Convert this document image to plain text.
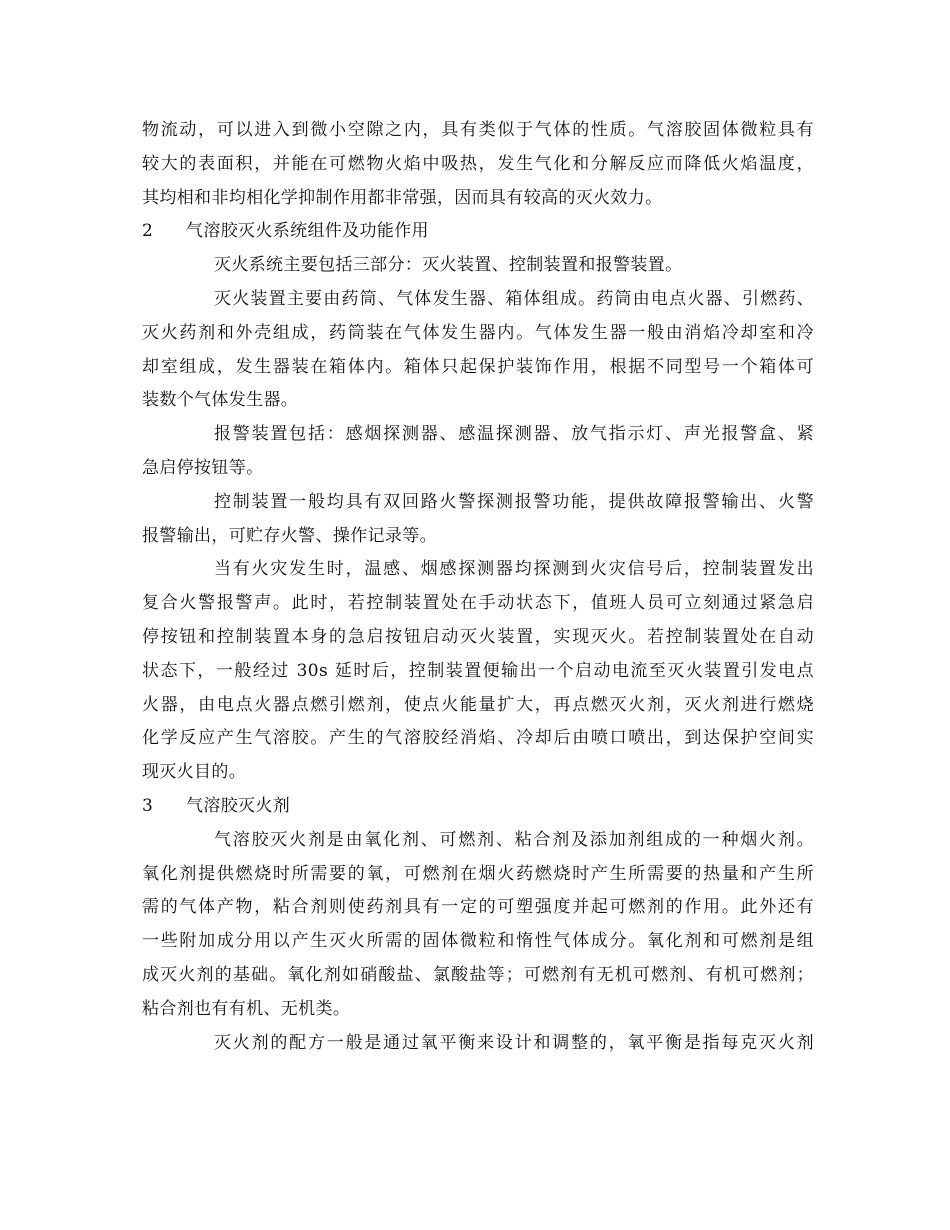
物流动，可以进入到微小空隙之内，具有类似于气体的性质。气溶胶固体微粒具有
较大的表面积，并能在可燃物火焰中吸热，发生气化和分解反应而降低火焰温度，
其均相和非均相化学抑制作用都非常强，因而具有较高的灭火效力。
2	气溶胶灭火系统组件及功能作用
灭火系统主要包括三部分：灭火装置、控制装置和报警装置。
灭火装置主要由药筒、气体发生器、箱体组成。药筒由电点火器、引燃药、
灭火药剂和外壳组成，药筒装在气体发生器内。气体发生器一般由消焰冷却室和冷
却室组成，发生器装在箱体内。箱体只起保护装饰作用，根据不同型号一个箱体可
装数个气体发生器。
报警装置包括：感烟探测器、感温探测器、放气指示灯、声光报警盒、紧
急启停按钮等。
控制装置一般均具有双回路火警探测报警功能，提供故障报警输出、火警
报警输出，可贮存火警、操作记录等。
当有火灾发生时，温感、烟感探测器均探测到火灾信号后，控制装置发出
复合火警报警声。此时，若控制装置处在手动状态下，值班人员可立刻通过紧急启
停按钮和控制装置本身的急启按钮启动灭火装置，实现灭火。若控制装置处在自动
状态下，一般经过 30s 延时后，控制装置便输出一个启动电流至灭火装置引发电点
火器，由电点火器点燃引燃剂，使点火能量扩大，再点燃灭火剂，灭火剂进行燃烧
化学反应产生气溶胶。产生的气溶胶经消焰、冷却后由喷口喷出，到达保护空间实
现灭火目的。
3	气溶胶灭火剂
气溶胶灭火剂是由氧化剂、可燃剂、粘合剂及添加剂组成的一种烟火剂。
氧化剂提供燃烧时所需要的氧，可燃剂在烟火药燃烧时产生所需要的热量和产生所
需的气体产物，粘合剂则使药剂具有一定的可塑强度并起可燃剂的作用。此外还有
一些附加成分用以产生灭火所需的固体微粒和惰性气体成分。氧化剂和可燃剂是组
成灭火剂的基础。氧化剂如硝酸盐、氯酸盐等；可燃剂有无机可燃剂、有机可燃剂；
粘合剂也有有机、无机类。
灭火剂的配方一般是通过氧平衡来设计和调整的，氧平衡是指每克灭火剂
